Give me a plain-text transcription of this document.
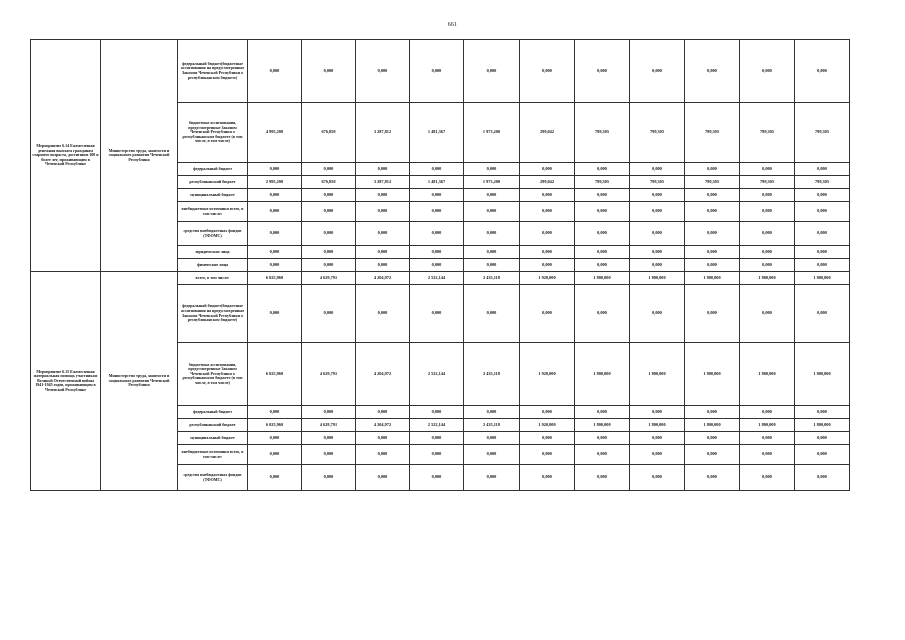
661
Мероприятие 6.14 Ежемесячная денежная выплата гражданам старшего возраста, достигшим 100 и более лет, проживающим в Чеченской Республике	Министерство труда, занятости и социального развития Чеченской Республики	федеральный бюджет(бюджетные ассигнования на предусмотренные Законом Чеченской Республики о республиканском бюджете)	0,000	0,000	0,000	0,000	0,000	0,000	0,000	0,000	0,000	0,000	0,000
		бюджетные ассигнования, предусмотренные Законом Чеченской Республики о республиканском бюджете (в том числе, в том числе)	4 995,200	676,850	3 287,812	1 481,367	1 973,200	299,042	799,305	799,305	799,305	799,305	799,305
		федеральный бюджет	0,000	0,000	0,000	0,000	0,000	0,000	0,000	0,000	0,000	0,000	0,000
		республиканский бюджет	2 995,200	676,850	3 287,812	1 481,367	1 973,200	299,042	799,305	799,305	799,305	799,305	799,305
		муниципальный бюджет	0,000	0,000	0,000	0,000	0,000	0,000	0,000	0,000	0,000	0,000	0,000
		внебюджетные источники всего, в том числе:	0,000	0,000	0,000	0,000	0,000	0,000	0,000	0,000	0,000	0,000	0,000
		средства внебюджетных фондов (ТФОМС)	0,000	0,000	0,000	0,000	0,000	0,000	0,000	0,000	0,000	0,000	0,000
		юридические лица	0,000	0,000	0,000	0,000	0,000	0,000	0,000	0,000	0,000	0,000	0,000
		физические лица	0,000	0,000	0,000	0,000	0,000	0,000	0,000	0,000	0,000	0,000	0,000
Мероприятие 6.15 Ежемесячная материальная помощь участникам Великой Отечественной войны 1941-1945 годов, проживающим в Чеченской Республике	Министерство труда, занятости и социального развития Чеченской Республики	всего, в том числе:	6 025,960	4 629,791	4 204,972	2 522,144	2 435,118	1 920,000	1 800,000	1 800,000	1 800,000	1 800,000	1 800,000
		федеральный бюджет(бюджетные ассигнования на предусмотренные Законом Чеченской Республики о республиканском бюджете)	0,000	0,000	0,000	0,000	0,000	0,000	0,000	0,000	0,000	0,000	0,000
		бюджетные ассигнования, предусмотренные Законом Чеченской Республики о республиканском бюджете (в том числе, в том числе)	6 025,960	4 629,791	4 204,972	2 522,144	2 435,118	1 920,000	1 800,000	1 800,000	1 800,000	1 800,000	1 800,000
		федеральный бюджет	0,000	0,000	0,000	0,000	0,000	0,000	0,000	0,000	0,000	0,000	0,000
		республиканский бюджет	6 025,960	4 629,791	4 204,972	2 522,144	2 435,118	1 920,000	1 800,000	1 800,000	1 800,000	1 800,000	1 800,000
		муниципальный бюджет	0,000	0,000	0,000	0,000	0,000	0,000	0,000	0,000	0,000	0,000	0,000
		внебюджетные источники всего, в том числе:	0,000	0,000	0,000	0,000	0,000	0,000	0,000	0,000	0,000	0,000	0,000
		средства внебюджетных фондов (ТФОМС)	0,000	0,000	0,000	0,000	0,000	0,000	0,000	0,000	0,000	0,000	0,000
